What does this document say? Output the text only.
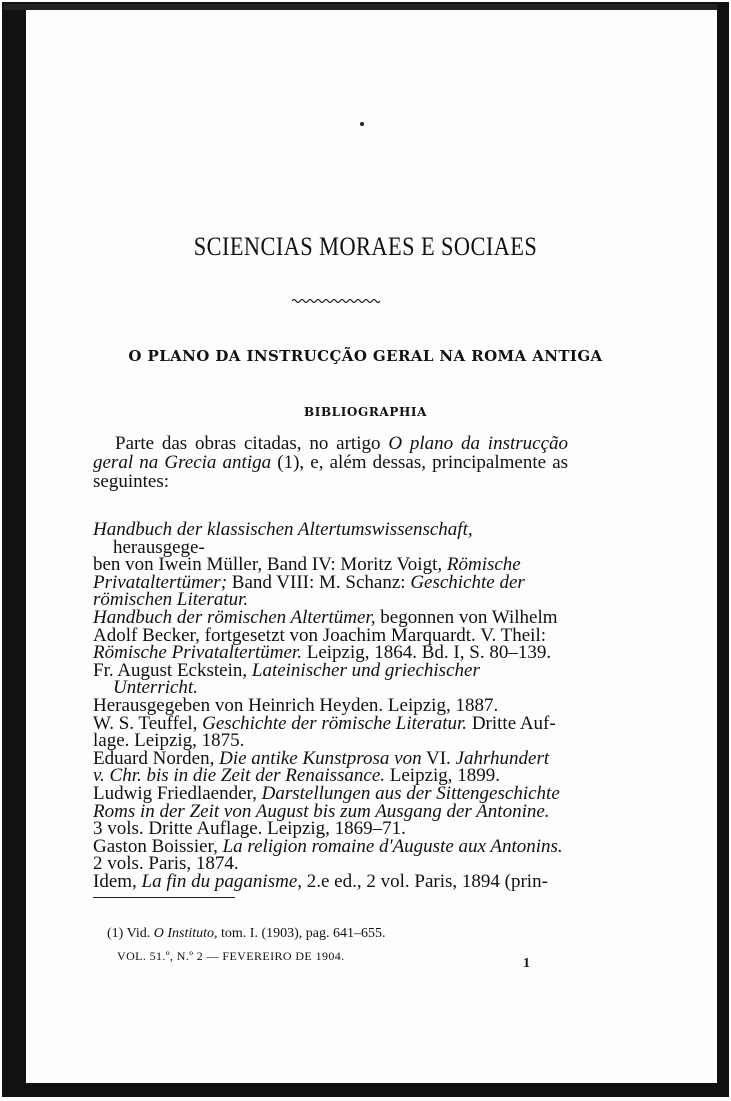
SCIENCIAS MORAES E SOCIAES
O PLANO DA INSTRUCÇÃO GERAL NA ROMA ANTIGA
BIBLIOGRAPHIA

Parte das obras citadas, no artigo O plano da instrucção geral na Grecia antiga (1), e, além dessas, principalmente as seguintes:

Handbuch der klassischen Altertumswissenschaft, herausgege-
ben von Iwein Müller, Band IV: Moritz Voigt, Römische
Privataltertümer; Band VIII: M. Schanz: Geschichte der
römischen Literatur.
Handbuch der römischen Altertümer, begonnen von Wilhelm
Adolf Becker, fortgesetzt von Joachim Marquardt. V. Theil:
Römische Privataltertümer. Leipzig, 1864. Bd. I, S. 80–139.
Fr. August Eckstein, Lateinischer und griechischer Unterricht.
Herausgegeben von Heinrich Heyden. Leipzig, 1887.
W. S. Teuffel, Geschichte der römische Literatur. Dritte Auf-
lage. Leipzig, 1875.
Eduard Norden, Die antike Kunstprosa von VI. Jahrhundert
v. Chr. bis in die Zeit der Renaissance. Leipzig, 1899.
Ludwig Friedlaender, Darstellungen aus der Sittengeschichte
Roms in der Zeit von August bis zum Ausgang der Antonine.
3 vols. Dritte Auflage. Leipzig, 1869–71.
Gaston Boissier, La religion romaine d'Auguste aux Antonins.
2 vols. Paris, 1874.
Idem, La fin du paganisme, 2.e ed., 2 vol. Paris, 1894 (prin-
(1) Vid. O Instituto, tom. I. (1903), pag. 641–655.
VOL. 51.º, N.º 2 — FEVEREIRO DE 1904.	1
